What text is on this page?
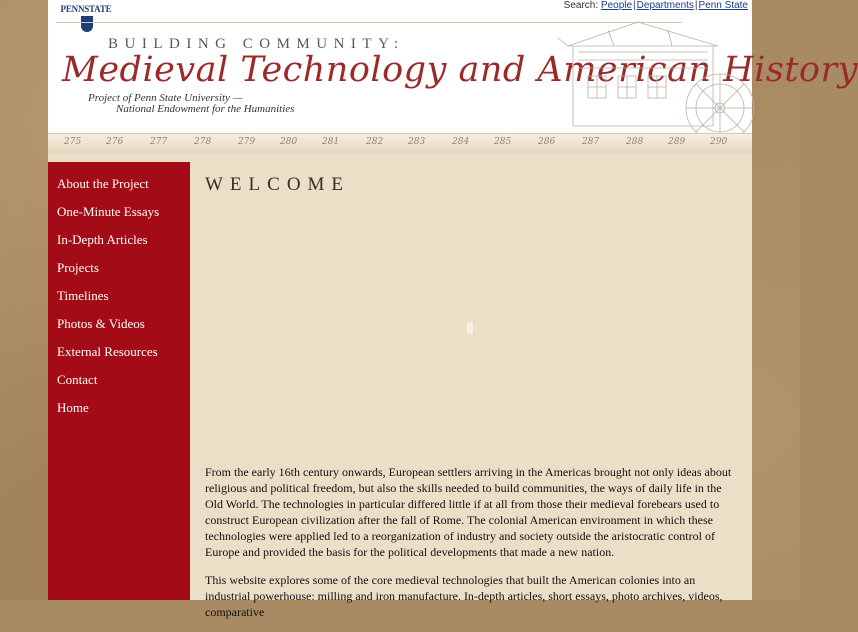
PENNSTATE	Search: People|Departments|Penn State
BUILDING COMMUNITY:
Medieval Technology and American History
Project of Penn State University —
National Endowment for the Humanities
275	276	277	278	279	280	281	282	283	284	285	286	287	288	289	290
About the Project
One-Minute Essays
In-Depth Articles
Projects
Timelines
Photos & Videos
External Resources
Contact
Home
WELCOME

From the early 16th century onwards, European settlers arriving in the Americas brought not only ideas about religious and political freedom, but also the skills needed to build communities, the ways of daily life in the Old World. The technologies in particular differed little if at all from those their medieval forebears used to construct European civilization after the fall of Rome. The colonial American environment in which these technologies were applied led to a reorganization of industry and society outside the aristocratic control of Europe and provided the basis for the political developments that made a new nation.

This website explores some of the core medieval technologies that built the American colonies into an industrial powerhouse: milling and iron manufacture. In-depth articles, short essays, photo archives, videos, comparative
